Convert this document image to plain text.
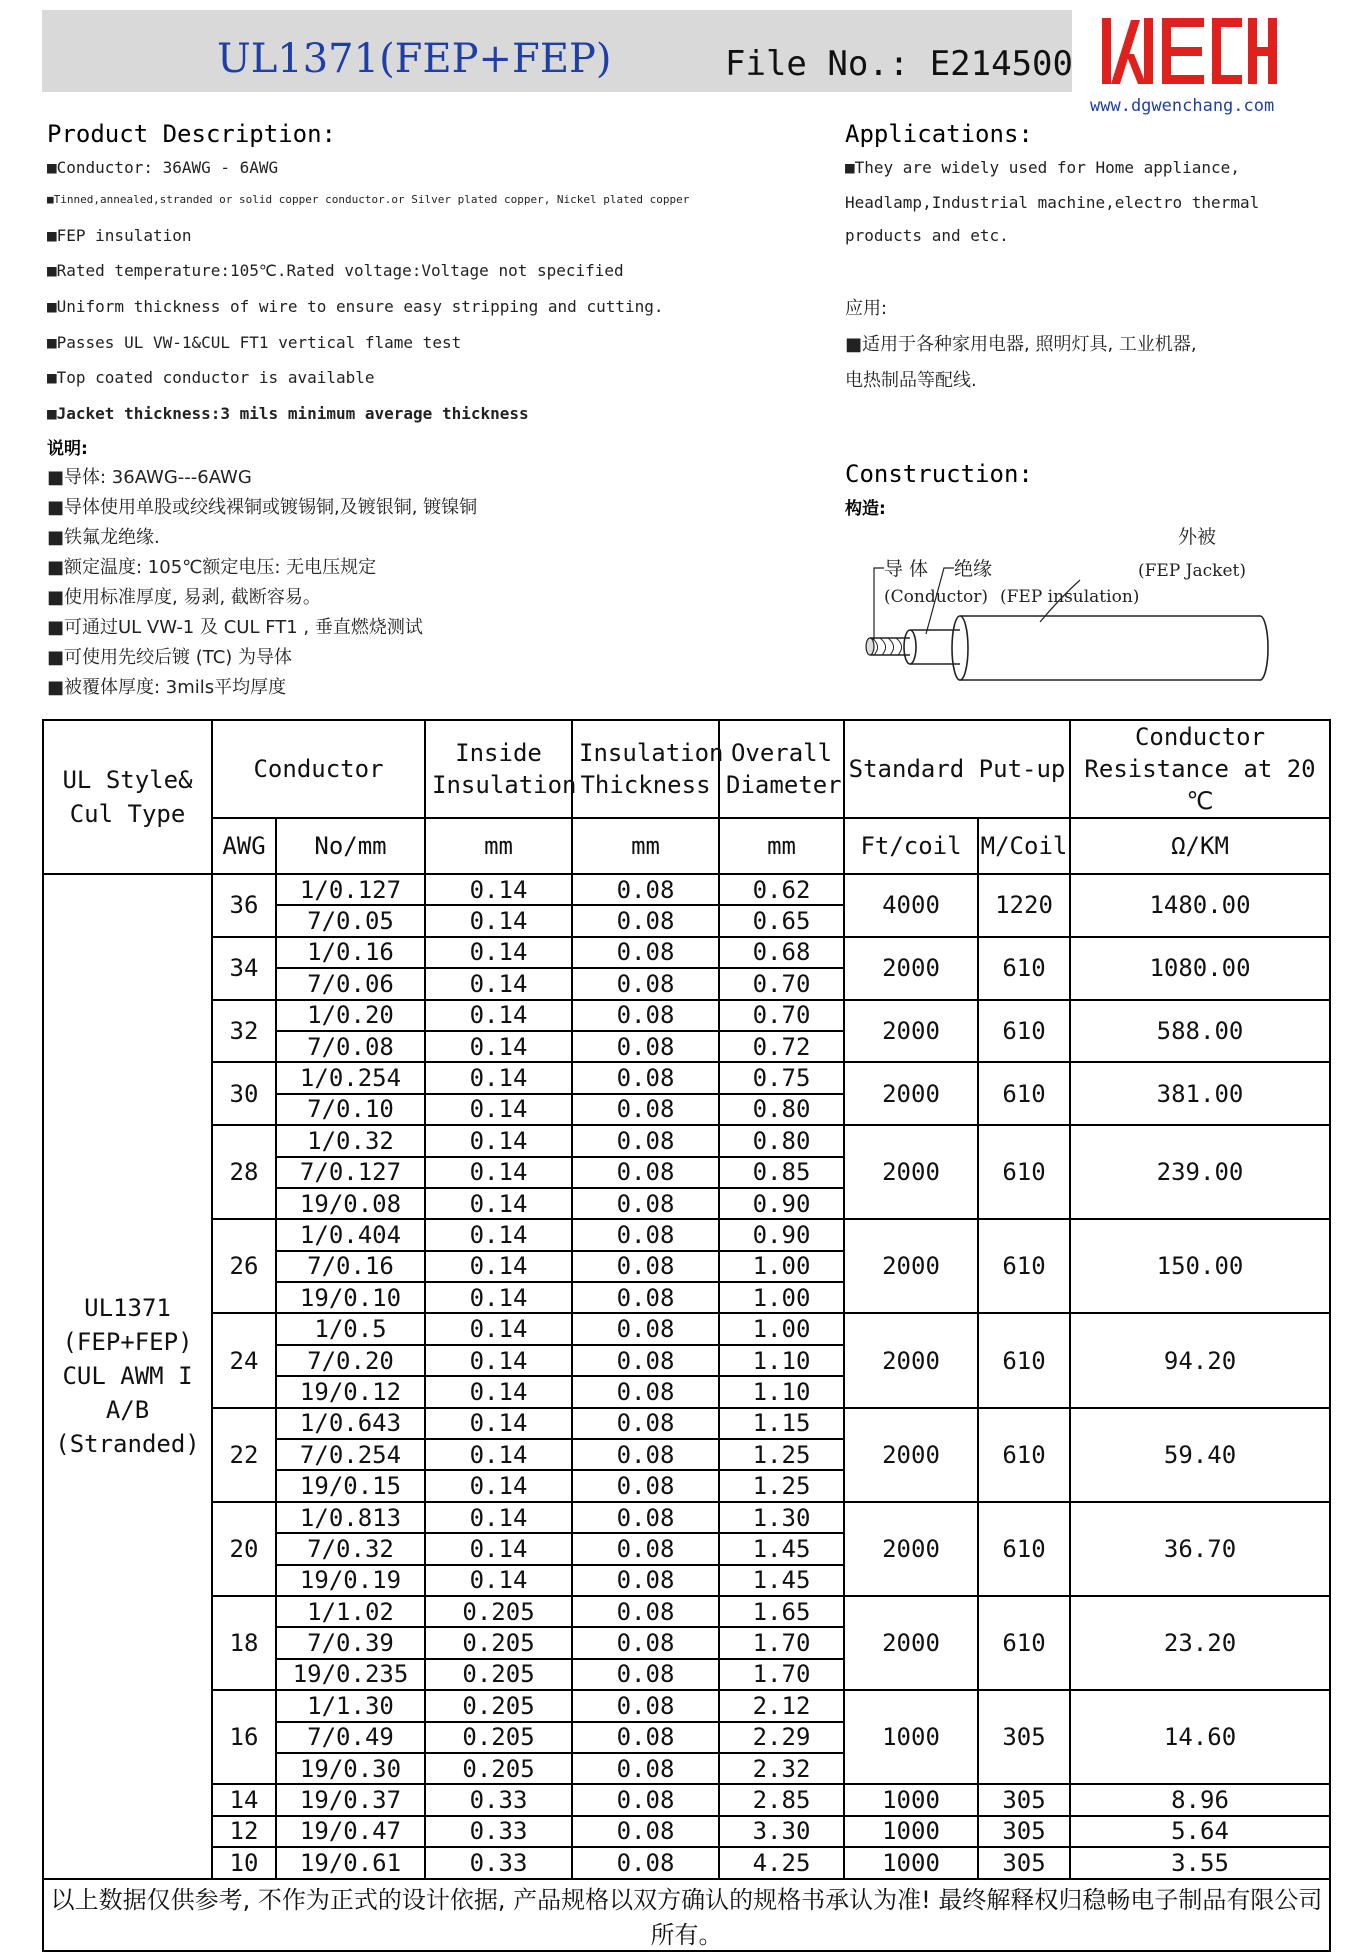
UL1371(FEP+FEP)	File No.: E214500
www.dgwenchang.com
Product Description:
■Conductor: 36AWG - 6AWG
■Tinned,annealed,stranded or solid copper conductor.or Silver plated copper, Nickel plated copper
■FEP insulation
■Rated temperature:105℃.Rated voltage:Voltage not specified
■Uniform thickness of wire to ensure easy stripping and cutting.
■Passes UL VW-1&CUL FT1 vertical flame test
■Top coated conductor is available
■Jacket thickness:3 mils minimum average thickness
说明:
■导体: 36AWG---6AWG
■导体使用单股或绞线裸铜或镀锡铜,及镀银铜, 镀镍铜
■铁氟龙绝缘.
■额定温度: 105℃额定电压: 无电压规定
■使用标准厚度, 易剥, 截断容易。
■可通过UL VW-1 及 CUL FT1 , 垂直燃烧测试
■可使用先绞后镀 (TC) 为导体
■被覆体厚度: 3mils平均厚度
Applications:
■They are widely used for Home appliance,
Headlamp,Industrial machine,electro thermal
products and etc.
应用:
■适用于各种家用电器, 照明灯具, 工业机器,
电热制品等配线.
Construction:
构造:
导 体
(Conductor)
绝缘
(FEP insulation)
外被
(FEP Jacket)
UL Style&
Cul Type	Conductor		Inside Insulation	Insulation Thickness	Overall Diameter	Standard Put-up		Conductor Resistance at 20 ℃
	AWG	No/mm	mm	mm	mm	Ft/coil	M/Coil	Ω/KM

UL1371
(FEP+FEP)
CUL AWM I
A/B
(Stranded)	36	1/0.127	0.14	0.08	0.62	4000	1220	1480.00
		7/0.05	0.14	0.08	0.65			
	34	1/0.16	0.14	0.08	0.68	2000	610	1080.00
		7/0.06	0.14	0.08	0.70			
	32	1/0.20	0.14	0.08	0.70	2000	610	588.00
		7/0.08	0.14	0.08	0.72			
	30	1/0.254	0.14	0.08	0.75	2000	610	381.00
		7/0.10	0.14	0.08	0.80			
	28	1/0.32	0.14	0.08	0.80	2000	610	239.00
		7/0.127	0.14	0.08	0.85			
		19/0.08	0.14	0.08	0.90			
	26	1/0.404	0.14	0.08	0.90	2000	610	150.00
		7/0.16	0.14	0.08	1.00			
		19/0.10	0.14	0.08	1.00			
	24	1/0.5	0.14	0.08	1.00	2000	610	94.20
		7/0.20	0.14	0.08	1.10			
		19/0.12	0.14	0.08	1.10			
	22	1/0.643	0.14	0.08	1.15	2000	610	59.40
		7/0.254	0.14	0.08	1.25			
		19/0.15	0.14	0.08	1.25			
	20	1/0.813	0.14	0.08	1.30	2000	610	36.70
		7/0.32	0.14	0.08	1.45			
		19/0.19	0.14	0.08	1.45			
	18	1/1.02	0.205	0.08	1.65	2000	610	23.20
		7/0.39	0.205	0.08	1.70			
		19/0.235	0.205	0.08	1.70			
	16	1/1.30	0.205	0.08	2.12	1000	305	14.60
		7/0.49	0.205	0.08	2.29			
		19/0.30	0.205	0.08	2.32			
	14	19/0.37	0.33	0.08	2.85	1000	305	8.96
	12	19/0.47	0.33	0.08	3.30	1000	305	5.64
	10	19/0.61	0.33	0.08	4.25	1000	305	3.55
以上数据仅供参考, 不作为正式的设计依据, 产品规格以双方确认的规格书承认为准! 最终解释权归稳畅电子制品有限公司所有。								
